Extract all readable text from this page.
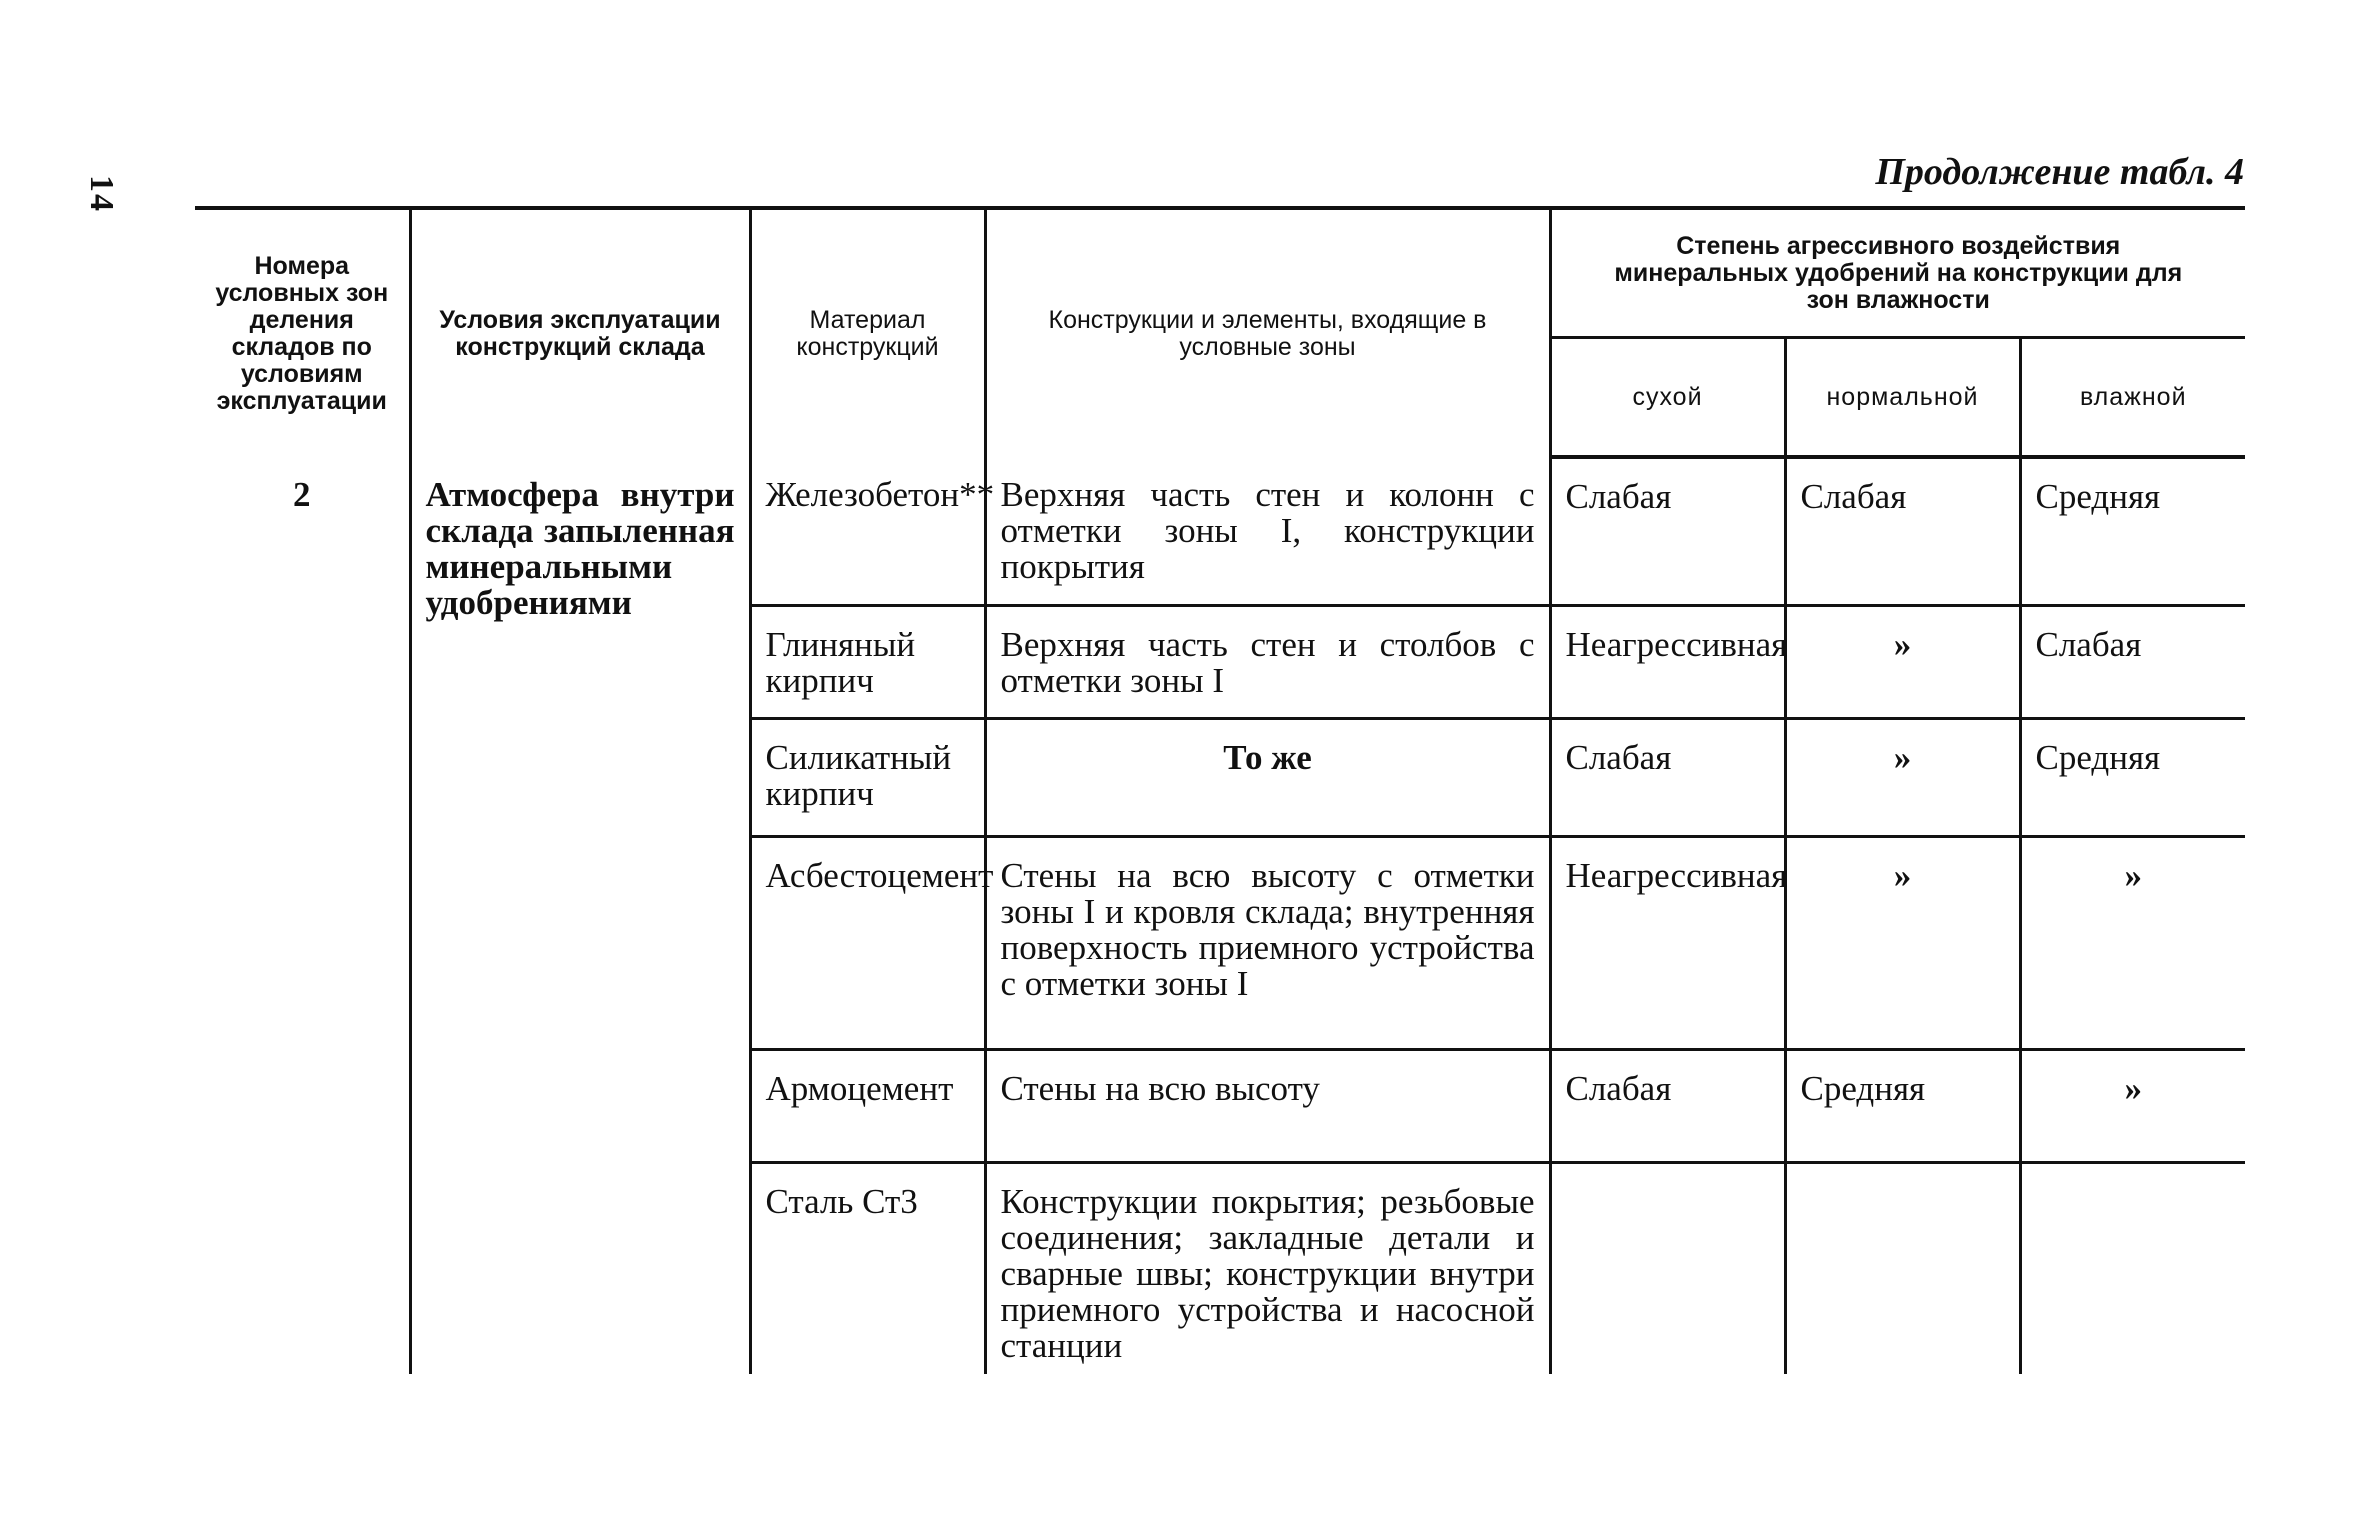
14
Продолжение табл. 4
Номера условных зон деления складов по условиям эксплуатации	Условия эксплуатации конструкций склада	Материал конструкций	Конструкции и элементы, входящие в условные зоны	Степень агрессивного воздействия минеральных удобрений на конструкции для зон влажности		
				сухой	нормальной	влажной
2	Атмосфера внутри склада запыленная минеральными удобрениями	Железобетон**	Верхняя часть стен и колонн с отметки зоны I, конструкции покрытия	Слабая	Слабая	Средняя
		Глиняный кирпич	Верхняя часть стен и столбов с отметки зоны I	Неагрессивная	»	Слабая
		Силикатный кирпич	То же	Слабая	»	Средняя
		Асбестоцемент	Стены на всю высоту с отметки зоны I и кровля склада; внутренняя поверхность приемного устройства с отметки зоны I	Неагрессивная	»	»
		Армоцемент	Стены на всю высоту	Слабая	Средняя	»
		Сталь Ст3	Конструкции покрытия; резьбовые соединения; закладные детали и сварные швы; конструкции внутри приемного устройства и насосной станции			
